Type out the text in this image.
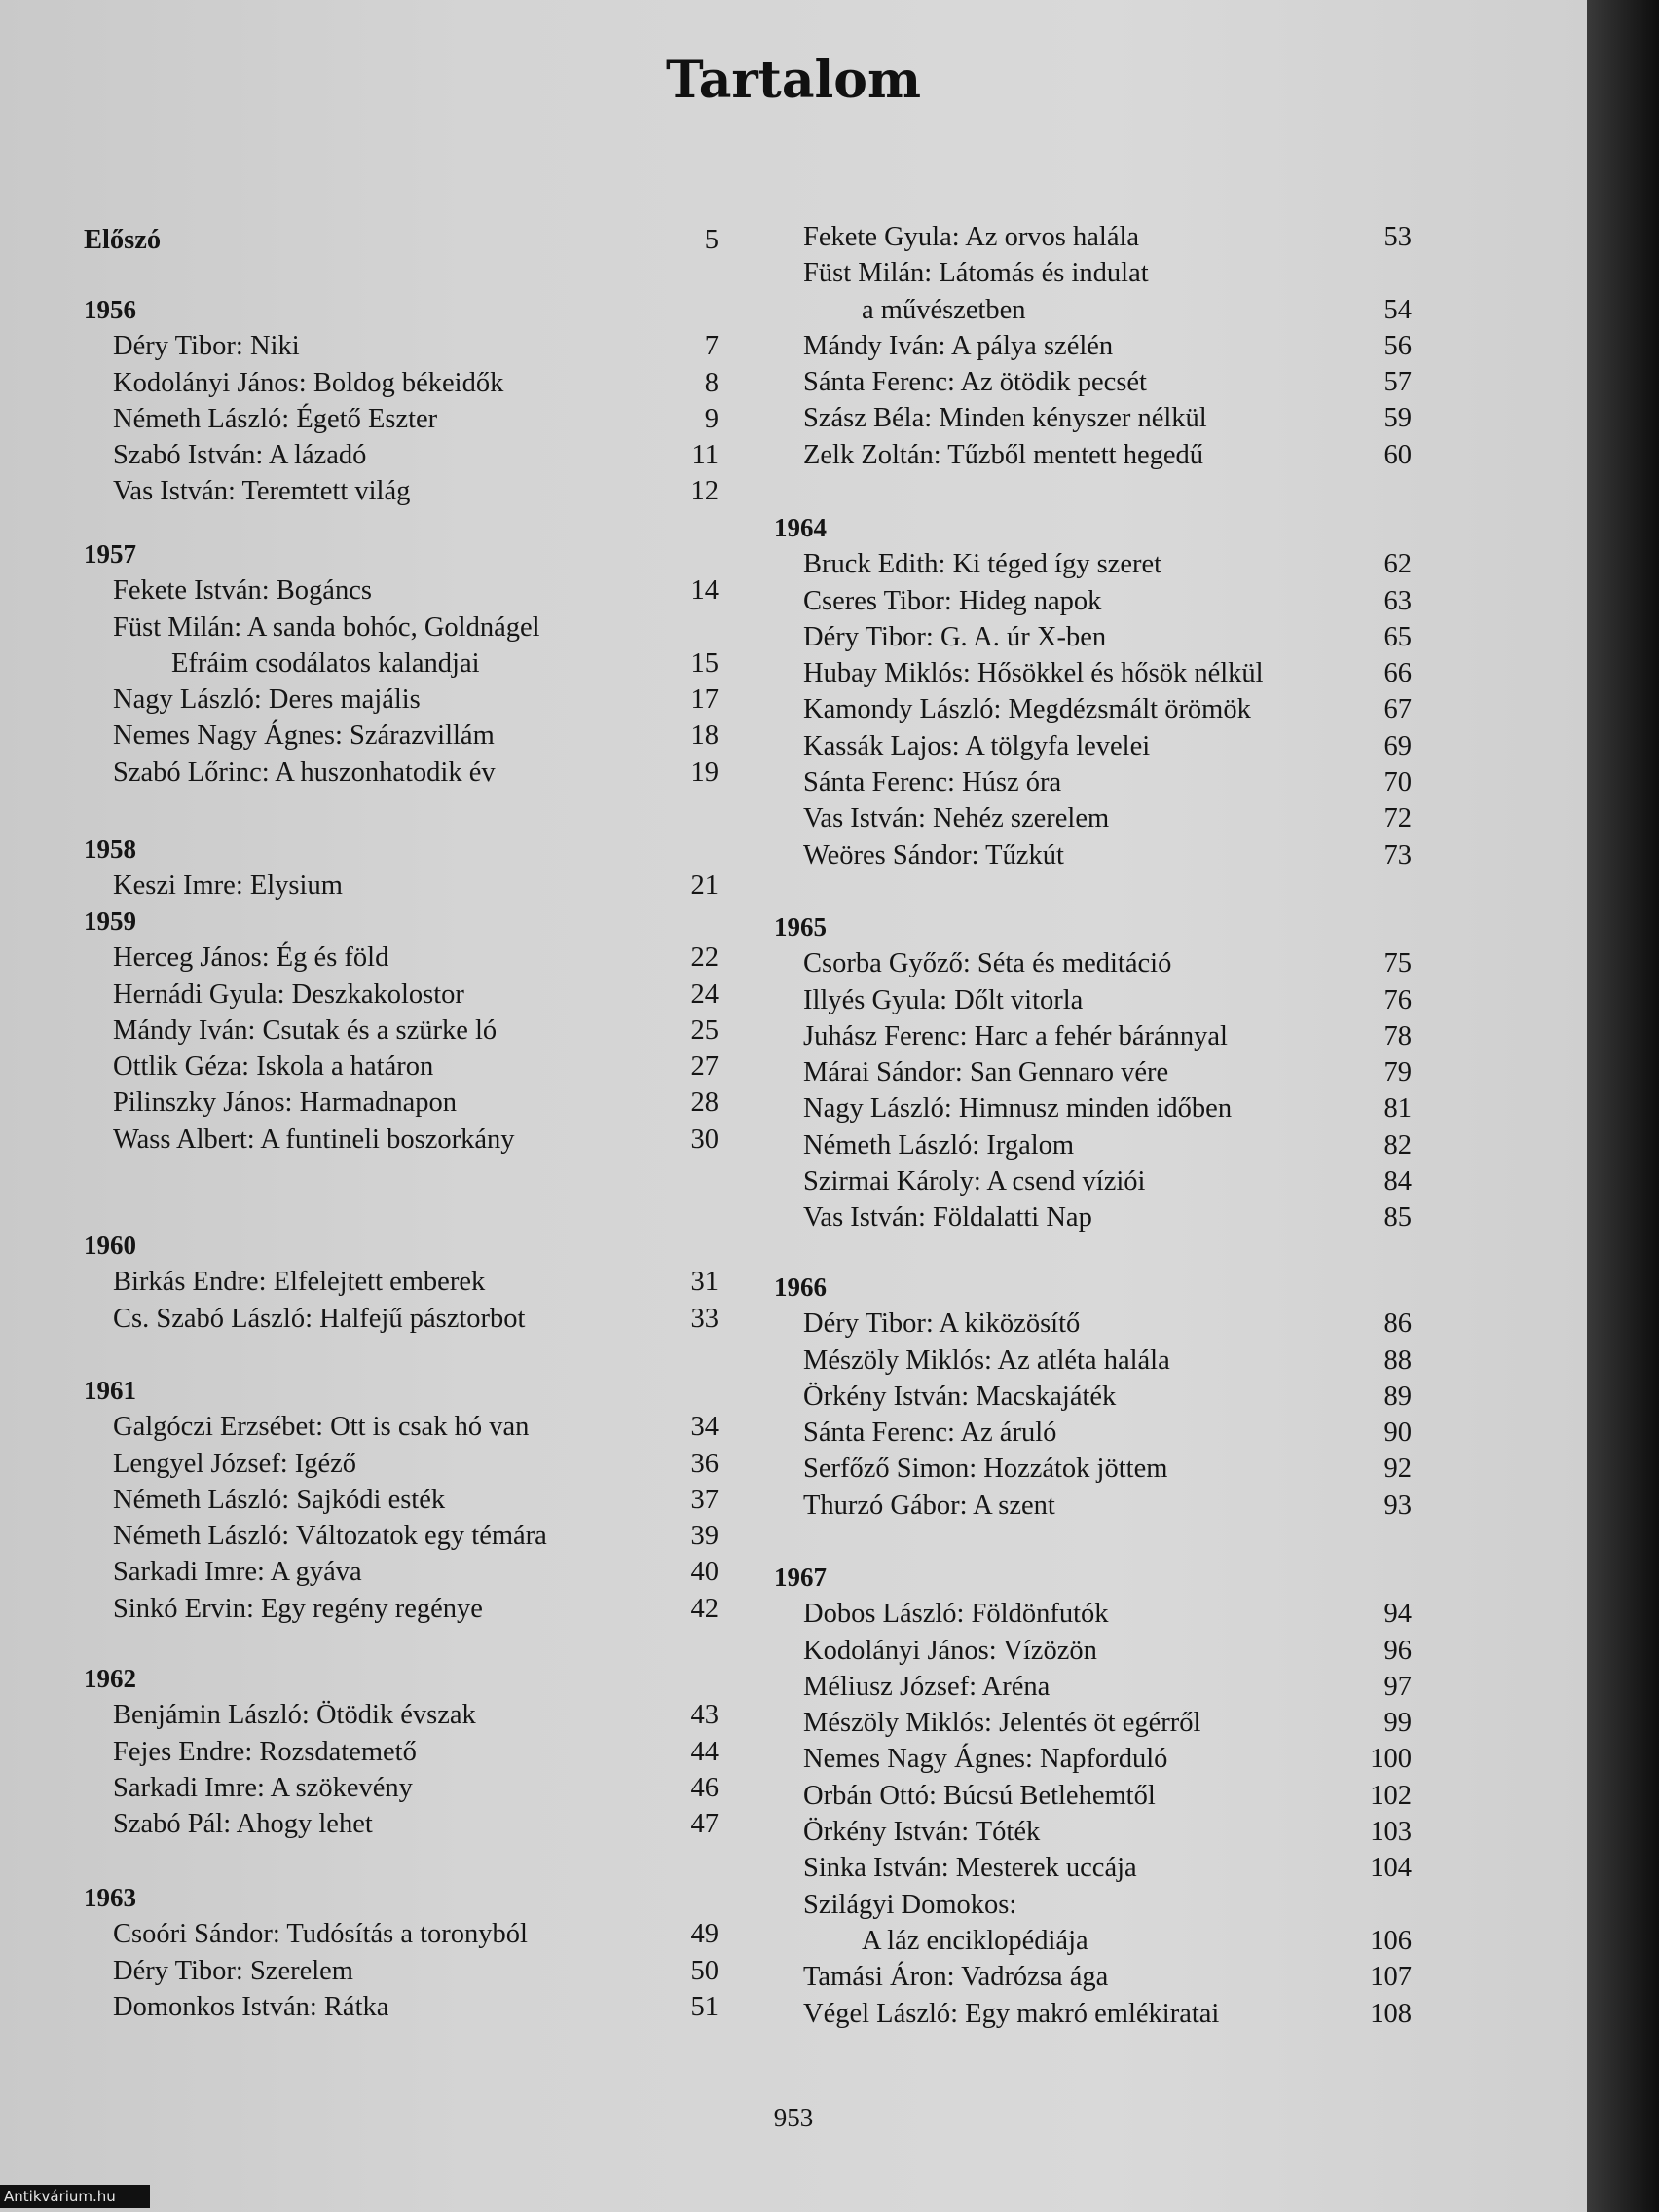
Tartalom
Előszó	5
1956
Déry Tibor: Niki	7
Kodolányi János: Boldog békeidők	8
Németh László: Égető Eszter	9
Szabó István: A lázadó	11
Vas István: Teremtett világ	12
1957
Fekete István: Bogáncs	14
Füst Milán: A sanda bohóc, Goldnágel
Efráim csodálatos kalandjai	15
Nagy László: Deres majális	17
Nemes Nagy Ágnes: Szárazvillám	18
Szabó Lőrinc: A huszonhatodik év	19
1958
Keszi Imre: Elysium	21
1959
Herceg János: Ég és föld	22
Hernádi Gyula: Deszkakolostor	24
Mándy Iván: Csutak és a szürke ló	25
Ottlik Géza: Iskola a határon	27
Pilinszky János: Harmadnapon	28
Wass Albert: A funtineli boszorkány	30
1960
Birkás Endre: Elfelejtett emberek	31
Cs. Szabó László: Halfejű pásztorbot	33
1961
Galgóczi Erzsébet: Ott is csak hó van	34
Lengyel József: Igéző	36
Németh László: Sajkódi esték	37
Németh László: Változatok egy témára	39
Sarkadi Imre: A gyáva	40
Sinkó Ervin: Egy regény regénye	42
1962
Benjámin László: Ötödik évszak	43
Fejes Endre: Rozsdatemető	44
Sarkadi Imre: A szökevény	46
Szabó Pál: Ahogy lehet	47
1963
Csoóri Sándor: Tudósítás a toronyból	49
Déry Tibor: Szerelem	50
Domonkos István: Rátka	51
Fekete Gyula: Az orvos halála	53
Füst Milán: Látomás és indulat
a művészetben	54
Mándy Iván: A pálya szélén	56
Sánta Ferenc: Az ötödik pecsét	57
Szász Béla: Minden kényszer nélkül	59
Zelk Zoltán: Tűzből mentett hegedű	60
1964
Bruck Edith: Ki téged így szeret	62
Cseres Tibor: Hideg napok	63
Déry Tibor: G. A. úr X-ben	65
Hubay Miklós: Hősökkel és hősök nélkül	66
Kamondy László: Megdézsmált örömök	67
Kassák Lajos: A tölgyfa levelei	69
Sánta Ferenc: Húsz óra	70
Vas István: Nehéz szerelem	72
Weöres Sándor: Tűzkút	73
1965
Csorba Győző: Séta és meditáció	75
Illyés Gyula: Dőlt vitorla	76
Juhász Ferenc: Harc a fehér báránnyal	78
Márai Sándor: San Gennaro vére	79
Nagy László: Himnusz minden időben	81
Németh László: Irgalom	82
Szirmai Károly: A csend víziói	84
Vas István: Földalatti Nap	85
1966
Déry Tibor: A kiközösítő	86
Mészöly Miklós: Az atléta halála	88
Örkény István: Macskajáték	89
Sánta Ferenc: Az áruló	90
Serfőző Simon: Hozzátok jöttem	92
Thurzó Gábor: A szent	93
1967
Dobos László: Földönfutók	94
Kodolányi János: Vízözön	96
Méliusz József: Aréna	97
Mészöly Miklós: Jelentés öt egérről	99
Nemes Nagy Ágnes: Napforduló	100
Orbán Ottó: Búcsú Betlehemtől	102
Örkény István: Tóték	103
Sinka István: Mesterek uccája	104
Szilágyi Domokos:
A láz enciklopédiája	106
Tamási Áron: Vadrózsa ága	107
Végel László: Egy makró emlékiratai	108
953
Antikvárium.hu
